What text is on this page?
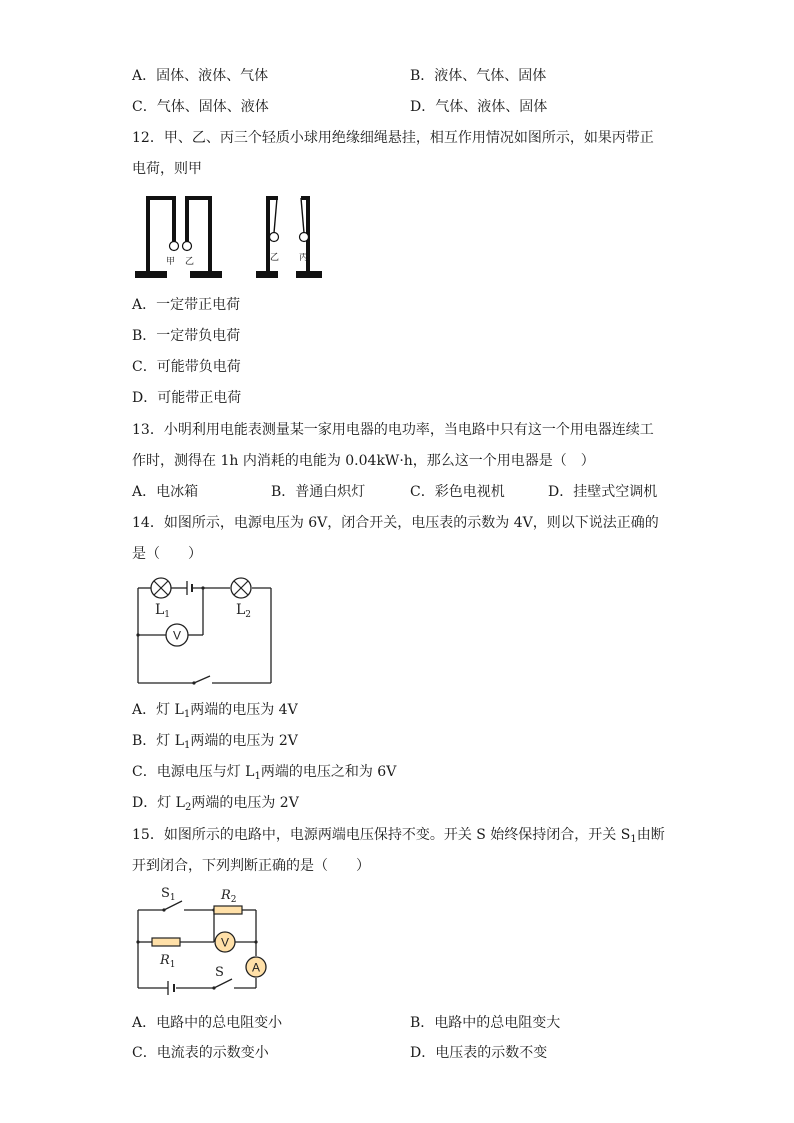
A．固体、液体、气体	B．液体、气体、固体
C．气体、固体、液体	D．气体、液体、固体
12．甲、乙、丙三个轻质小球用绝缘细绳悬挂，相互作用情况如图所示，如果丙带正
电荷，则甲
甲 乙	乙 丙
A．一定带正电荷
B．一定带负电荷
C．可能带负电荷
D．可能带正电荷
13．小明利用电能表测量某一家用电器的电功率，当电路中只有这一个用电器连续工
作时，测得在 1h 内消耗的电能为 0.04kW·h，那么这一个用电器是（　）
A．电冰箱	B．普通白炽灯	C．彩色电视机	D．挂壁式空调机
14．如图所示，电源电压为 6V，闭合开关，电压表的示数为 4V，则以下说法正确的
是（　　）
V
$L_1$	$L_2$
A．灯 $L_1$两端的电压为 4V
B．灯 $L_1$两端的电压为 2V
C．电源电压与灯 $L_1$两端的电压之和为 6V
D．灯 $L_2$两端的电压为 2V
15．如图所示的电路中，电源两端电压保持不变。开关 S 始终保持闭合，开关 $S_1$由断
开到闭合，下列判断正确的是（　　）
V
A
$S_1$	$R_2$
$R_1$	S
A．电路中的总电阻变小	B．电路中的总电阻变大
C．电流表的示数变小	D．电压表的示数不变
